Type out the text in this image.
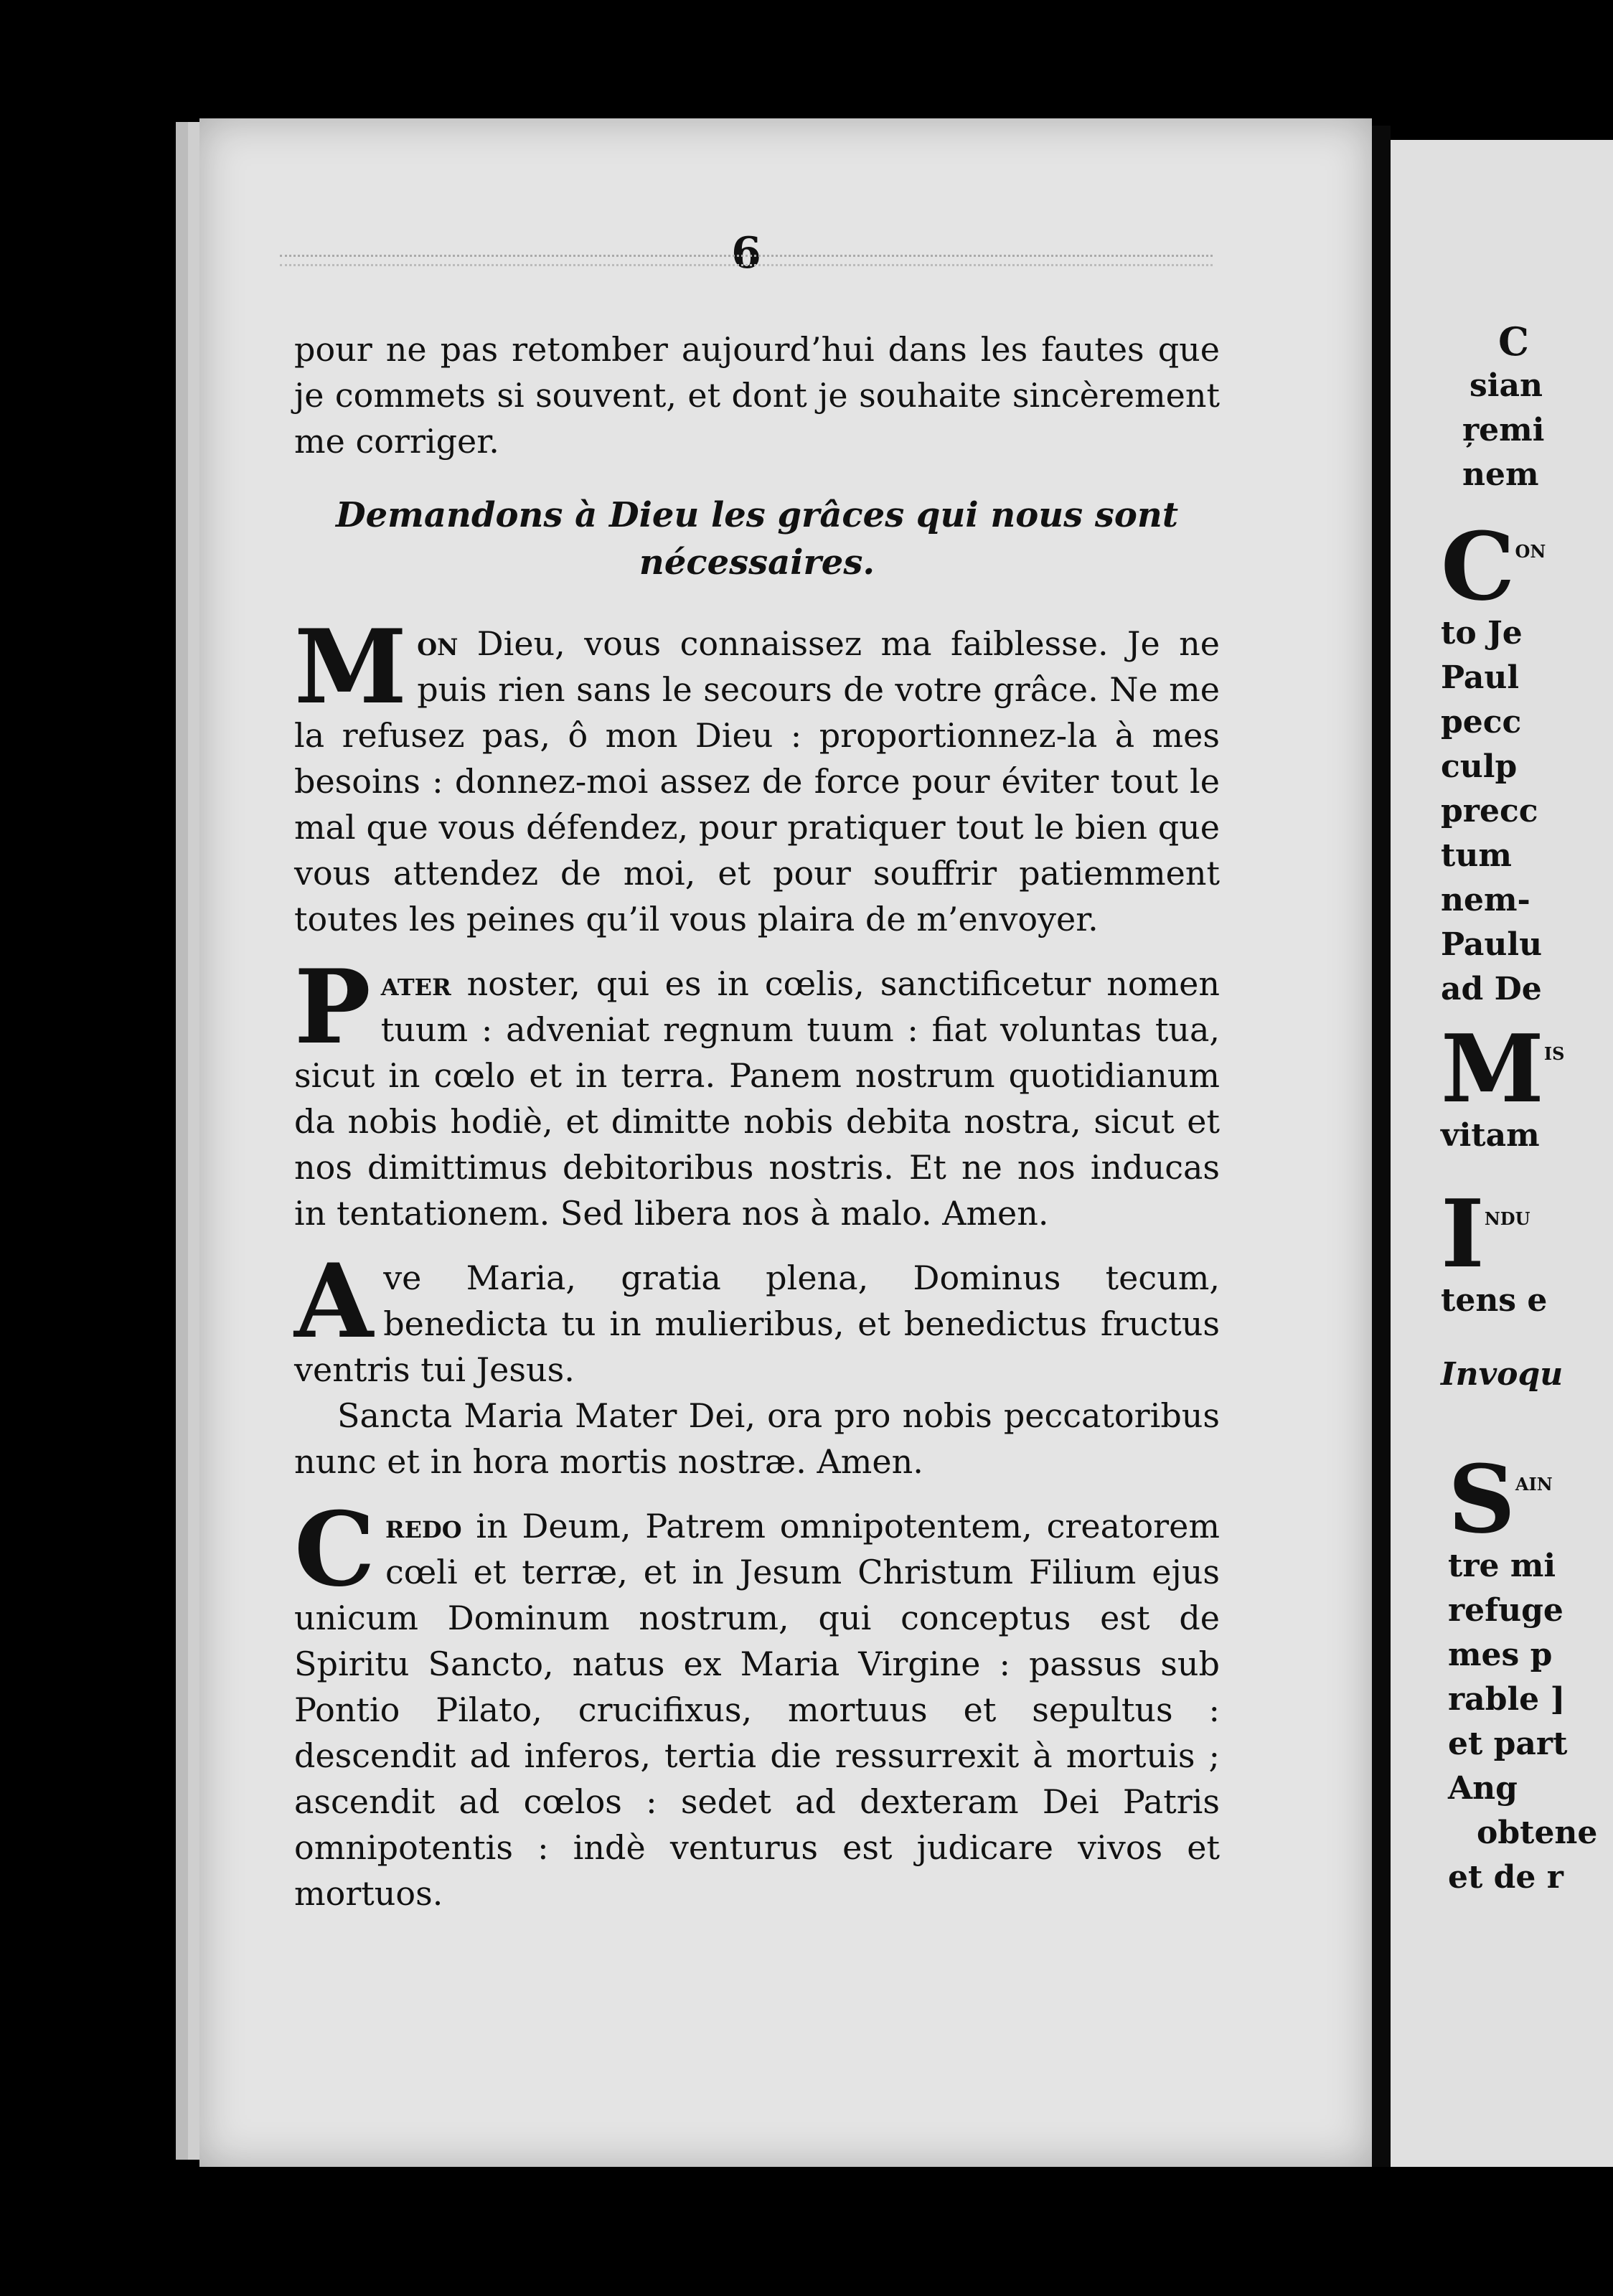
6

pour ne pas retomber aujourd’hui dans les fautes que je commets si souvent, et dont je souhaite sincèrement me corriger.

Demandons à Dieu les grâces qui nous sont nécessaires.

Mon Dieu, vous connaissez ma faiblesse. Je ne puis rien sans le secours de votre grâce. Ne me la refusez pas, ô mon Dieu : proportionnez-la à mes besoins : donnez-moi assez de force pour éviter tout le mal que vous défendez, pour pratiquer tout le bien que vous attendez de moi, et pour souffrir patiemment toutes les peines qu’il vous plaira de m’envoyer.

Pater noster, qui es in cœlis, sanctificetur nomen tuum : adveniat regnum tuum : fiat voluntas tua, sicut in cœlo et in terra. Panem nostrum quotidianum da nobis hodiè, et dimitte nobis debita nostra, sicut et nos dimittimus debitoribus nostris. Et ne nos inducas in tentationem. Sed libera nos à malo. Amen.

Ave Maria, gratia plena, Dominus tecum, benedicta tu in mulieribus, et benedictus fructus ventris tui Jesus.

Sancta Maria Mater Dei, ora pro nobis peccatoribus nunc et in hora mortis nostræ. Amen.

Credo in Deum, Patrem omnipotentem, creatorem cœli et terræ, et in Jesum Christum Filium ejus unicum Dominum nostrum, qui conceptus est de Spiritu Sancto, natus ex Maria Virgine : passus sub Pontio Pilato, crucifixus, mortuus et sepultus : descendit ad inferos, tertia die ressurrexit à mortuis ; ascendit ad cœlos : sedet ad dexteram Dei Patris omnipotentis : indè venturus est judicare vivos et mortuos.

C
sian
ŗemi
nem
$C^{on}$
to Je
Paul
pecc
culp
precc
tum
nem-
Paulu
ad De
$M^{is}$
vitam
$I^{ndu}$
tens e
Invoqu
$S^{ain}$
tre mi
refuge
mes p
rable ]
et part
Ang
obtene
et de r
